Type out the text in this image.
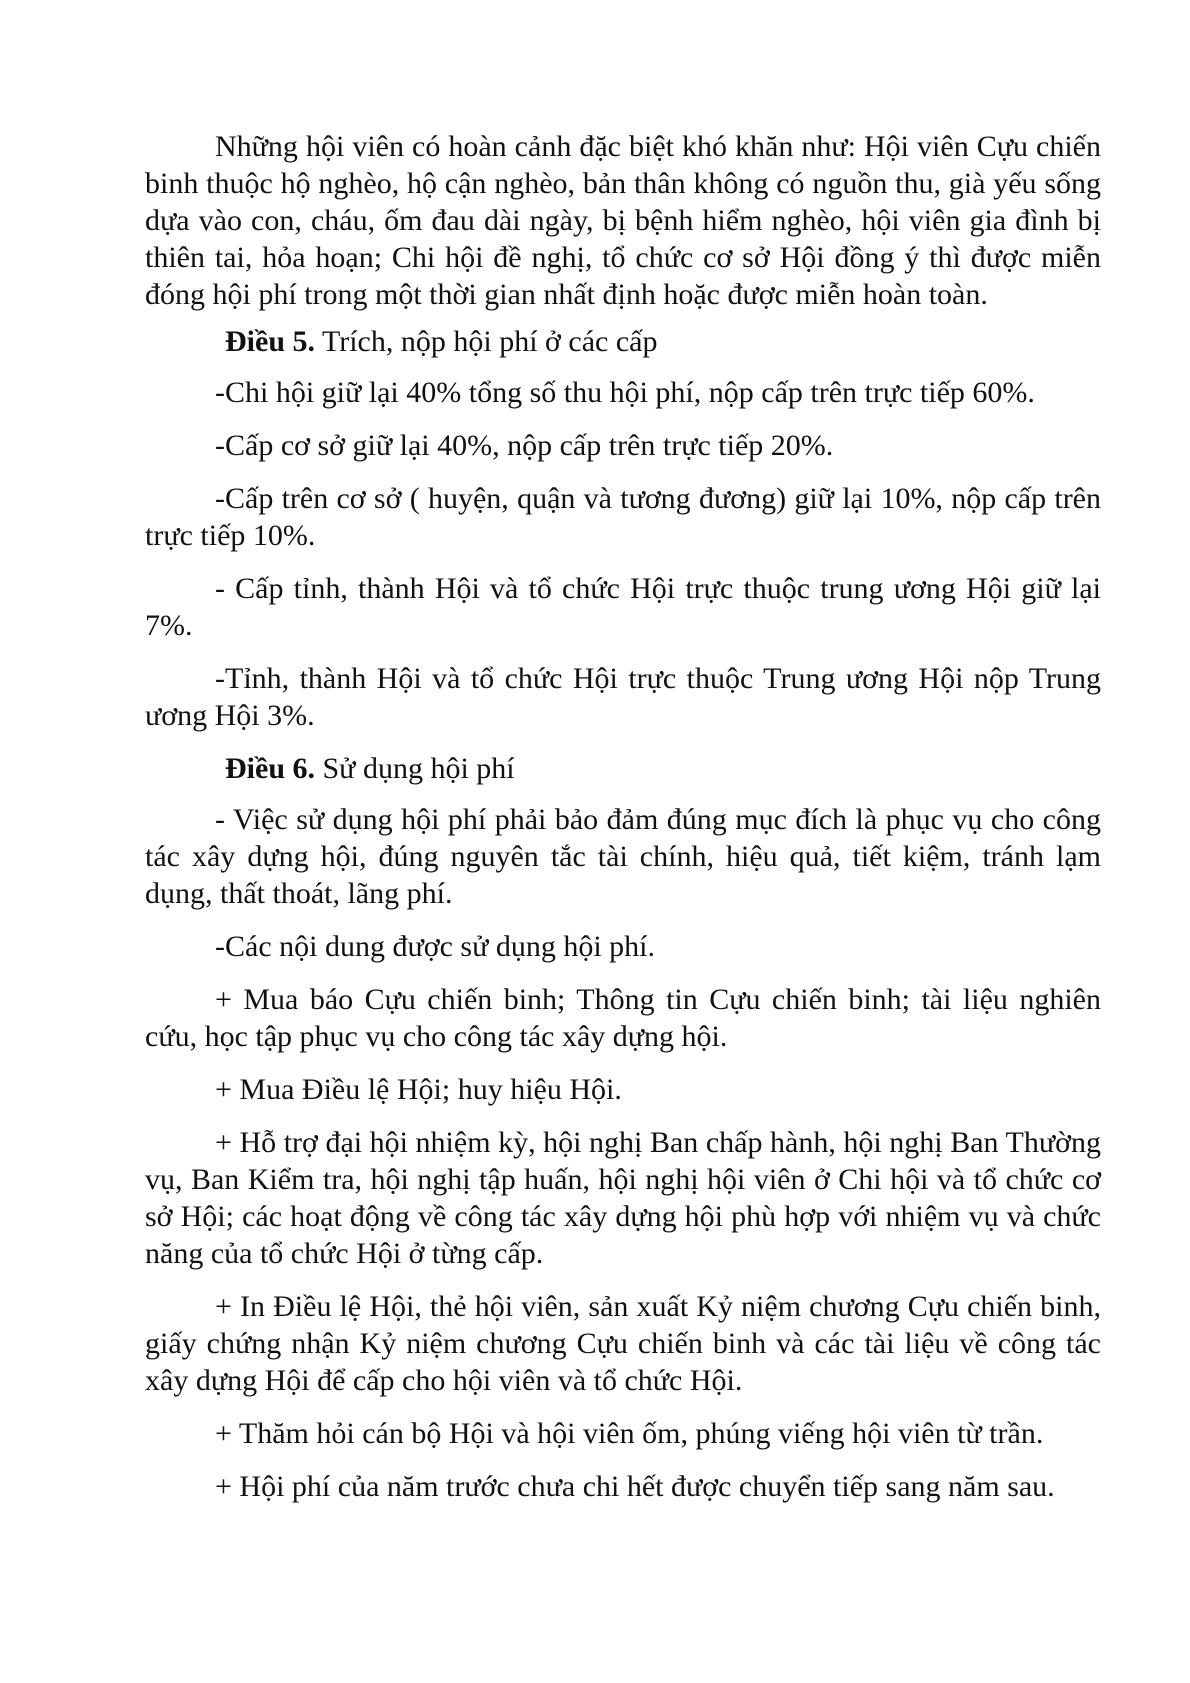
Những hội viên có hoàn cảnh đặc biệt khó khăn như: Hội viên Cựu chiến binh thuộc hộ nghèo, hộ cận nghèo, bản thân không có nguồn thu, già yếu sống dựa vào con, cháu, ốm đau dài ngày, bị bệnh hiểm nghèo, hội viên gia đình bị thiên tai, hỏa hoạn; Chi hội đề nghị, tổ chức cơ sở Hội đồng ý thì được miễn đóng hội phí trong một thời gian nhất định hoặc được miễn hoàn toàn.

Điều 5. Trích, nộp hội phí ở các cấp

-Chi hội giữ lại 40% tổng số thu hội phí, nộp cấp trên trực tiếp 60%.

-Cấp cơ sở giữ lại 40%, nộp cấp trên trực tiếp 20%.

-Cấp trên cơ sở ( huyện, quận và tương đương) giữ lại 10%, nộp cấp trên trực tiếp 10%.

- Cấp tỉnh, thành Hội và tổ chức Hội trực thuộc trung ương Hội giữ lại 7%.

-Tỉnh, thành Hội và tổ chức Hội trực thuộc Trung ương Hội nộp Trung ương Hội 3%.

Điều 6. Sử dụng hội phí

- Việc sử dụng hội phí phải bảo đảm đúng mục đích là phục vụ cho công tác xây dựng hội, đúng nguyên tắc tài chính, hiệu quả, tiết kiệm, tránh lạm dụng, thất thoát, lãng phí.

-Các nội dung được sử dụng hội phí.

+ Mua báo Cựu chiến binh; Thông tin Cựu chiến binh; tài liệu nghiên cứu, học tập phục vụ cho công tác xây dựng hội.

+ Mua Điều lệ Hội; huy hiệu Hội.

+ Hỗ trợ đại hội nhiệm kỳ, hội nghị Ban chấp hành, hội nghị Ban Thường vụ, Ban Kiểm tra, hội nghị tập huấn, hội nghị hội viên ở Chi hội và tổ chức cơ sở Hội; các hoạt động về công tác xây dựng hội phù hợp với nhiệm vụ và chức năng của tổ chức Hội ở từng cấp.

+ In Điều lệ Hội, thẻ hội viên, sản xuất Kỷ niệm chương Cựu chiến binh, giấy chứng nhận Kỷ niệm chương Cựu chiến binh và các tài liệu về công tác xây dựng Hội để cấp cho hội viên và tổ chức Hội.

+ Thăm hỏi cán bộ Hội và hội viên ốm, phúng viếng hội viên từ trần.

+ Hội phí của năm trước chưa chi hết được chuyển tiếp sang năm sau.
